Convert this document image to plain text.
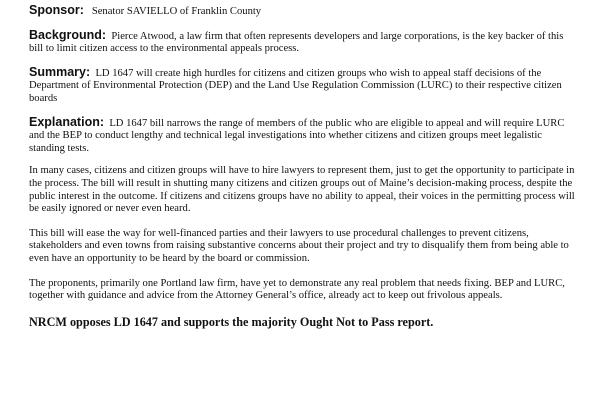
Sponsor: Senator SAVIELLO of Franklin County

Background: Pierce Atwood, a law firm that often represents developers and large corporations, is the key backer of this bill to limit citizen access to the environmental appeals process.

Summary: LD 1647 will create high hurdles for citizens and citizen groups who wish to appeal staff decisions of the Department of Environmental Protection (DEP) and the Land Use Regulation Commission (LURC) to their respective citizen boards

Explanation: LD 1647 bill narrows the range of members of the public who are eligible to appeal and will require LURC and the BEP to conduct lengthy and technical legal investigations into whether citizens and citizen groups meet legalistic standing tests.

In many cases, citizens and citizen groups will have to hire lawyers to represent them, just to get the opportunity to participate in the process. The bill will result in shutting many citizens and citizen groups out of Maine’s decision-making process, despite the public interest in the outcome. If citizens and citizens groups have no ability to appeal, their voices in the permitting process will be easily ignored or never even heard.

This bill will ease the way for well-financed parties and their lawyers to use procedural challenges to prevent citizens, stakeholders and even towns from raising substantive concerns about their project and try to disqualify them from being able to even have an opportunity to be heard by the board or commission.

The proponents, primarily one Portland law firm, have yet to demonstrate any real problem that needs fixing. BEP and LURC, together with guidance and advice from the Attorney General’s office, already act to keep out frivolous appeals.

NRCM opposes LD 1647 and supports the majority Ought Not to Pass report.
